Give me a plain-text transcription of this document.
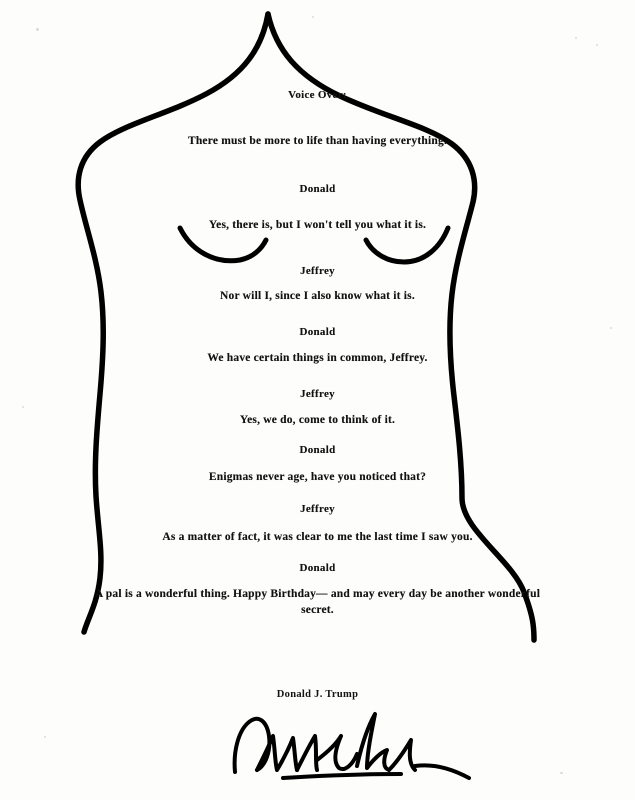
Voice Over:
There must be more to life than having everything.
Donald
Yes, there is, but I won't tell you what it is.
Jeffrey
Nor will I, since I also know what it is.
Donald
We have certain things in common, Jeffrey.
Jeffrey
Yes, we do, come to think of it.
Donald
Enigmas never age, have you noticed that?
Jeffrey
As a matter of fact, it was clear to me the last time I saw you.
Donald
A pal is a wonderful thing. Happy Birthday— and may every day be another wonderful secret.
Donald J. Trump
